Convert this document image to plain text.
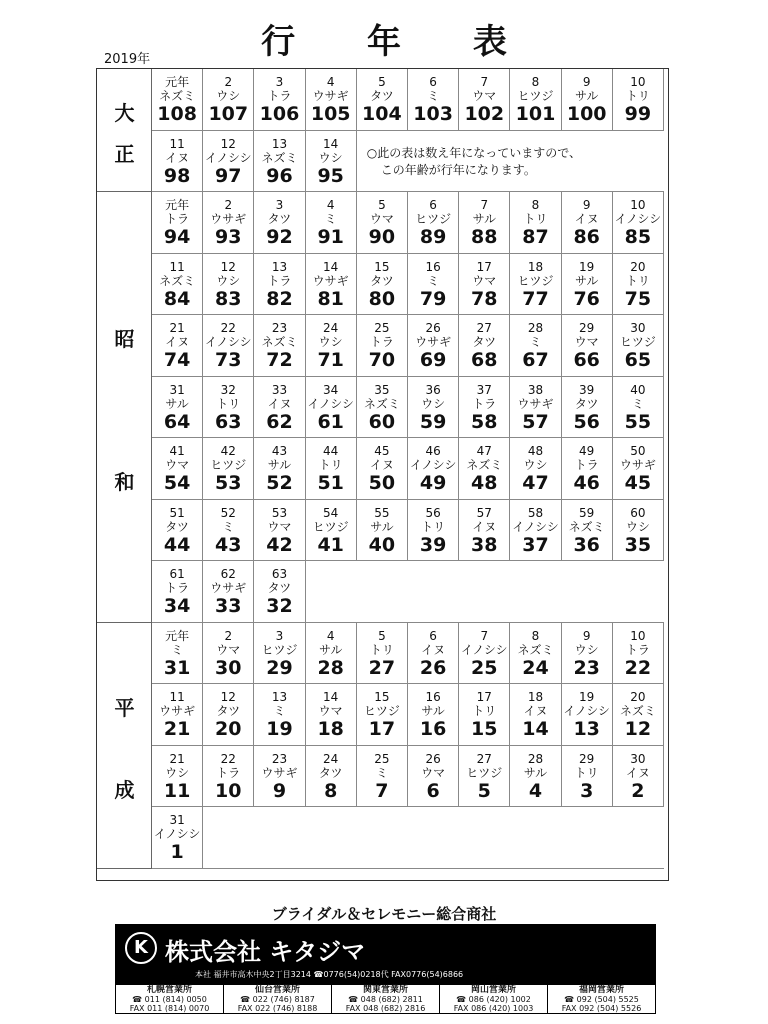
行 年 表
2019年
大
正
元年
ネズミ
108
2
ウシ
107
3
トラ
106
4
ウサギ
105
5
タツ
104
6
ミ
103
7
ウマ
102
8
ヒツジ
101
9
サル
100
10
トリ
99
11
イヌ
98
12
イノシシ
97
13
ネズミ
96
14
ウシ
95
○此の表は数え年になっていますので、
この年齢が行年になります。
昭
和
元年
トラ
94
2
ウサギ
93
3
タツ
92
4
ミ
91
5
ウマ
90
6
ヒツジ
89
7
サル
88
8
トリ
87
9
イヌ
86
10
イノシシ
85
11
ネズミ
84
12
ウシ
83
13
トラ
82
14
ウサギ
81
15
タツ
80
16
ミ
79
17
ウマ
78
18
ヒツジ
77
19
サル
76
20
トリ
75
21
イヌ
74
22
イノシシ
73
23
ネズミ
72
24
ウシ
71
25
トラ
70
26
ウサギ
69
27
タツ
68
28
ミ
67
29
ウマ
66
30
ヒツジ
65
31
サル
64
32
トリ
63
33
イヌ
62
34
イノシシ
61
35
ネズミ
60
36
ウシ
59
37
トラ
58
38
ウサギ
57
39
タツ
56
40
ミ
55
41
ウマ
54
42
ヒツジ
53
43
サル
52
44
トリ
51
45
イヌ
50
46
イノシシ
49
47
ネズミ
48
48
ウシ
47
49
トラ
46
50
ウサギ
45
51
タツ
44
52
ミ
43
53
ウマ
42
54
ヒツジ
41
55
サル
40
56
トリ
39
57
イヌ
38
58
イノシシ
37
59
ネズミ
36
60
ウシ
35
61
トラ
34
62
ウサギ
33
63
タツ
32
平
成
元年
ミ
31
2
ウマ
30
3
ヒツジ
29
4
サル
28
5
トリ
27
6
イヌ
26
7
イノシシ
25
8
ネズミ
24
9
ウシ
23
10
トラ
22
11
ウサギ
21
12
タツ
20
13
ミ
19
14
ウマ
18
15
ヒツジ
17
16
サル
16
17
トリ
15
18
イヌ
14
19
イノシシ
13
20
ネズミ
12
21
ウシ
11
22
トラ
10
23
ウサギ
9
24
タツ
8
25
ミ
7
26
ウマ
6
27
ヒツジ
5
28
サル
4
29
トリ
3
30
イヌ
2
31
イノシシ
1
ブライダル＆セレモニー総合商社
K 株式会社 キタジマ
本社 福井市高木中央2丁目3214 ☎0776(54)0218代 FAX0776(54)6866
札幌営業所
☎ 011 (814) 0050
FAX 011 (814) 0070
仙台営業所
☎ 022 (746) 8187
FAX 022 (746) 8188
関東営業所
☎ 048 (682) 2811
FAX 048 (682) 2816
岡山営業所
☎ 086 (420) 1002
FAX 086 (420) 1003
福岡営業所
☎ 092 (504) 5525
FAX 092 (504) 5526
